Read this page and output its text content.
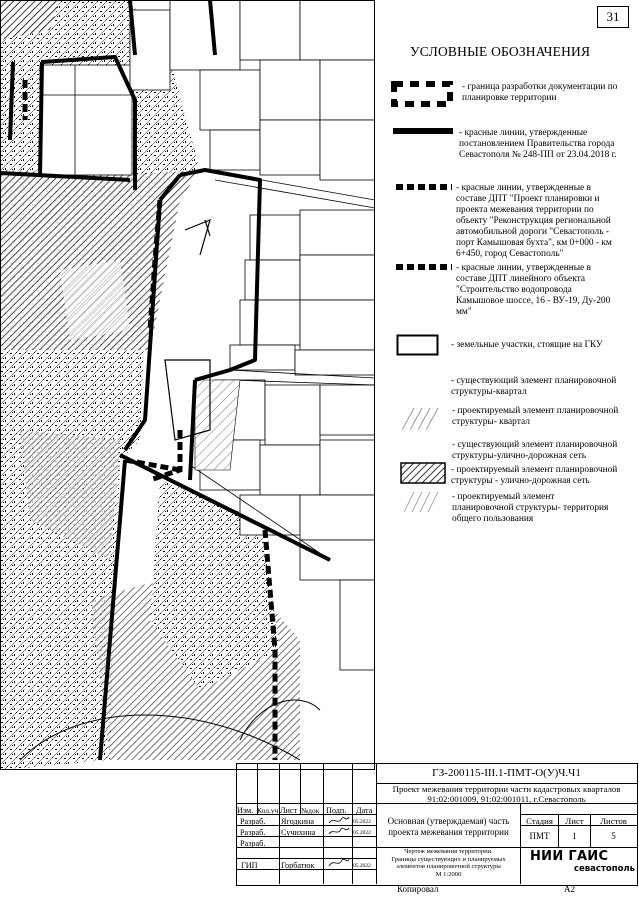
31
УСЛОВНЫЕ ОБОЗНАЧЕНИЯ
- граница разработки документации по
планировке территории
- красные линии, утвержденные
постановлением Правительства города
Севастополя № 248-ПП от 23.04.2018 г.
- красные линии, утвержденные в
составе ДПТ "Проект планировки и
проекта межевания территории по
объекту "Реконструкция региональной
автомобильной дороги "Севастополь -
порт Камышовая бухта", км 0+000 - км
6+450, город Севастополь"
- красные линии, утвержденные в
составе ДПТ линейного объекта
"Строительство водопровода
Камышовое шоссе, 16 - ВУ-19, Ду-200
мм"
- земельные участки, стоящие на ГКУ
- существующий элемент планировочной
структуры-квартал
- проектируемый элемент планировочной
структуры- квартал
- существующий элемент планировочной
структуры-улично-дорожная сеть
- проектируемый элемент планировочной
структуры - улично-дорожная сеть
- проектируемый элемент
планировочной структуры- территория
общего пользования
ГЗ-200115-III.1-ПМТ-О(У)Ч.Ч1
Проект межевания территории части кадастровых кварталов
91:02:001009, 91:02:001011, г.Севастополь
Изм. Кол.уч Лист №док Подп. Дата
Разраб. Ягодкина	05.2022
Разраб. Сучихина	05.2022
Разраб.
ГИП	Горбатюк	05.2022
Основная (утверждаемая) часть
проекта межевания территории
Стадия	Лист	Листов
ПМТ	1	5
Чертеж межевания территории.
Границы существующих и планируемых
элементов планировочной структуры
М 1:2000
НИИ ГАИС
севастополь
Копировал	А2
